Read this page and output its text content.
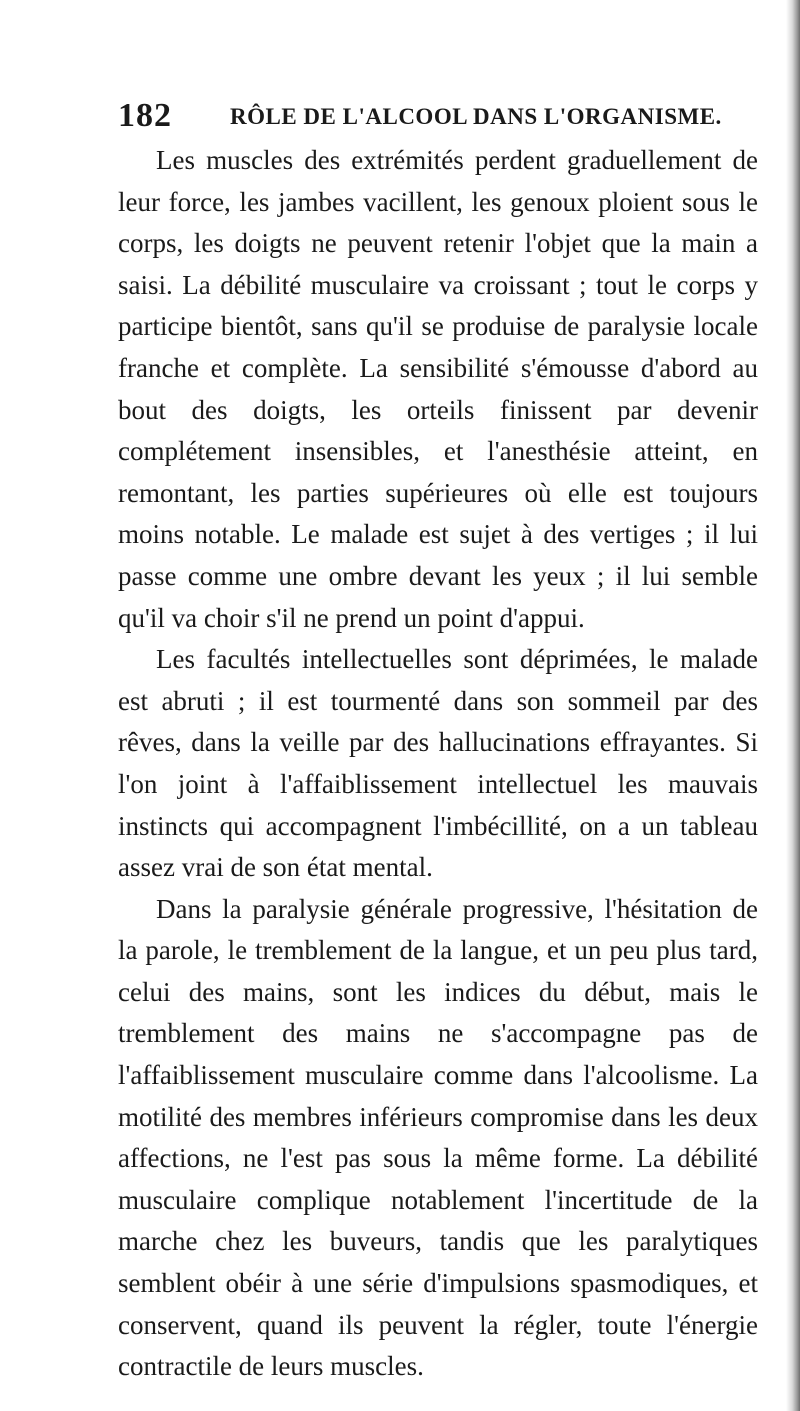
182	RÔLE DE L'ALCOOL DANS L'ORGANISME.

Les muscles des extrémités perdent graduellement de leur force, les jambes vacillent, les genoux ploient sous le corps, les doigts ne peuvent retenir l'objet que la main a saisi. La débilité musculaire va croissant ; tout le corps y participe bientôt, sans qu'il se produise de paralysie locale franche et complète. La sensibilité s'émousse d'abord au bout des doigts, les orteils finissent par devenir complétement insensibles, et l'anesthésie atteint, en remontant, les parties supérieures où elle est toujours moins notable. Le malade est sujet à des vertiges ; il lui passe comme une ombre devant les yeux ; il lui semble qu'il va choir s'il ne prend un point d'appui.

Les facultés intellectuelles sont déprimées, le malade est abruti ; il est tourmenté dans son sommeil par des rêves, dans la veille par des hallucinations effrayantes. Si l'on joint à l'affaiblissement intellectuel les mauvais instincts qui accompagnent l'imbécillité, on a un tableau assez vrai de son état mental.

Dans la paralysie générale progressive, l'hésitation de la parole, le tremblement de la langue, et un peu plus tard, celui des mains, sont les indices du début, mais le tremblement des mains ne s'accompagne pas de l'affaiblissement musculaire comme dans l'alcoolisme. La motilité des membres inférieurs compromise dans les deux affections, ne l'est pas sous la même forme. La débilité musculaire complique notablement l'incertitude de la marche chez les buveurs, tandis que les paralytiques semblent obéir à une série d'impulsions spasmodiques, et conservent, quand ils peuvent la régler, toute l'énergie contractile de leurs muscles.
